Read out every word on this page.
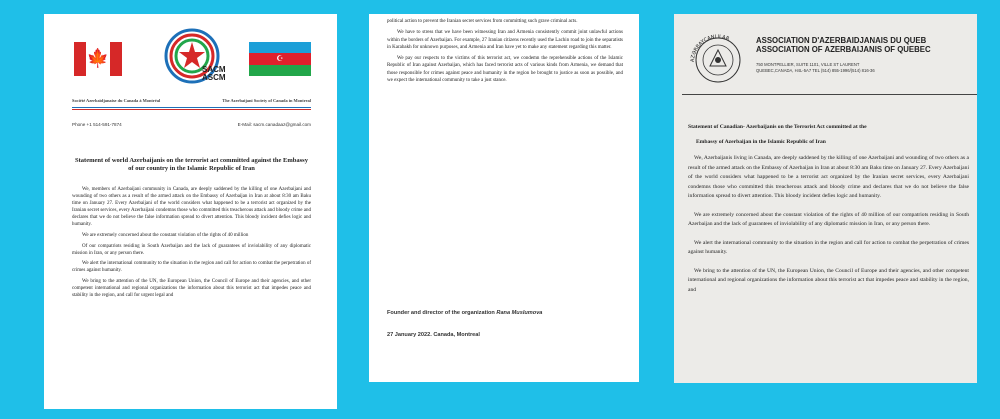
🍁
SACM
ASCM
☪
Société Azerbaïdjanaise du Canada à Montréal	The Azerbaijani Society of Canada in Montreal
Phone +1 514-591-7874	E-Mail: sacm.canadaaz@gmail.com
Statement of world Azerbaijanis on the terrorist act committed against the Embassy of our country in the Islamic Republic of Iran

We, members of Azerbaijani community in Canada, are deeply saddened by the killing of one Azerbaijani and wounding of two others as a result of the armed attack on the Embassy of Azerbaijan in Iran at about 8:30 am Baku time on January 27. Every Azerbaijani of the world considers what happened to be a terrorist act organized by the Iranian secret services, every Azerbaijani condemns those who committed this treacherous attack and bloody crime and declares that we do not believe the false information spread to divert attention. This bloody incident defies logic and humanity.

We are extremely concerned about the constant violation of the rights of 40 million

Of our compatriots residing in South Azerbaijan and the lack of guarantees of inviolability of any diplomatic mission in Iran, or any person there.

We alert the international community to the situation in the region and call for action to combat the perpetration of crimes against humanity.

We bring to the attention of the UN, the European Union, the Council of Europe and their agencies, and other competent international and regional organizations the information about this terrorist act that impedes peace and stability in the region, and call for urgent legal and

political action to prevent the Iranian secret services from committing such grave criminal acts.

We have to stress that we have been witnessing Iran and Armenia consistently commit joint unlawful actions within the borders of Azerbaijan. For example, 27 Iranian citizens recently used the Lachin road to join the separatists in Karabakh for unknown purposes, and Armenia and Iran have yet to make any statement regarding this matter.

We pay our respects to the victims of this terrorist act, we condemn the reprehensible actions of the Islamic Republic of Iran against Azerbaijan, which has faced terrorist acts of various kinds from Armenia, we demand that those responsible for crimes against peace and humanity in the region be brought to justice as soon as possible, and we expect the international community to take a just stance.

Founder and director of the organization Rana Muslumova
27 January 2022. Canada, Montreal
AZƏRBAYCANLILAR	ASSOCIATION D'AZERBAIDJANAIS DU QUEB
ASSOCIATION OF AZERBAIJANIS OF QUEBEC
750 MONTPELLIER, SUITE 1101, VILLE ST LAURENT
QUEBEC,CANADA, H4L-5A7 TEL (514) 855-1996/(514) 816-36
Statement of Canadian- Azerbaijanis on the Terrorist Act committed at the
Embassy of Azerbaijan in the Islamic Republic of Iran

We, Azerbaijanis living in Canada, are deeply saddened by the killing of one Azerbaijani and wounding of two others as a result of the armed attack on the Embassy of Azerbaijan in Iran at about 8:30 am Baku time on January 27. Every Azerbaijani of the world considers what happened to be a terrorist act organized by the Iranian secret services, every Azerbaijani condemns those who committed this treacherous attack and bloody crime and declares that we do not believe the false information spread to divert attention. This bloody incident defies logic and humanity.

We are extremely concerned about the constant violation of the rights of 40 million of our compatriots residing in South Azerbaijan and the lack of guarantees of inviolability of any diplomatic mission in Iran, or any person there.

We alert the international community to the situation in the region and call for action to combat the perpetration of crimes against humanity.

We bring to the attention of the UN, the European Union, the Council of Europe and their agencies, and other competent international and regional organizations the information about this terrorist act that impedes peace and stability in the region, and
